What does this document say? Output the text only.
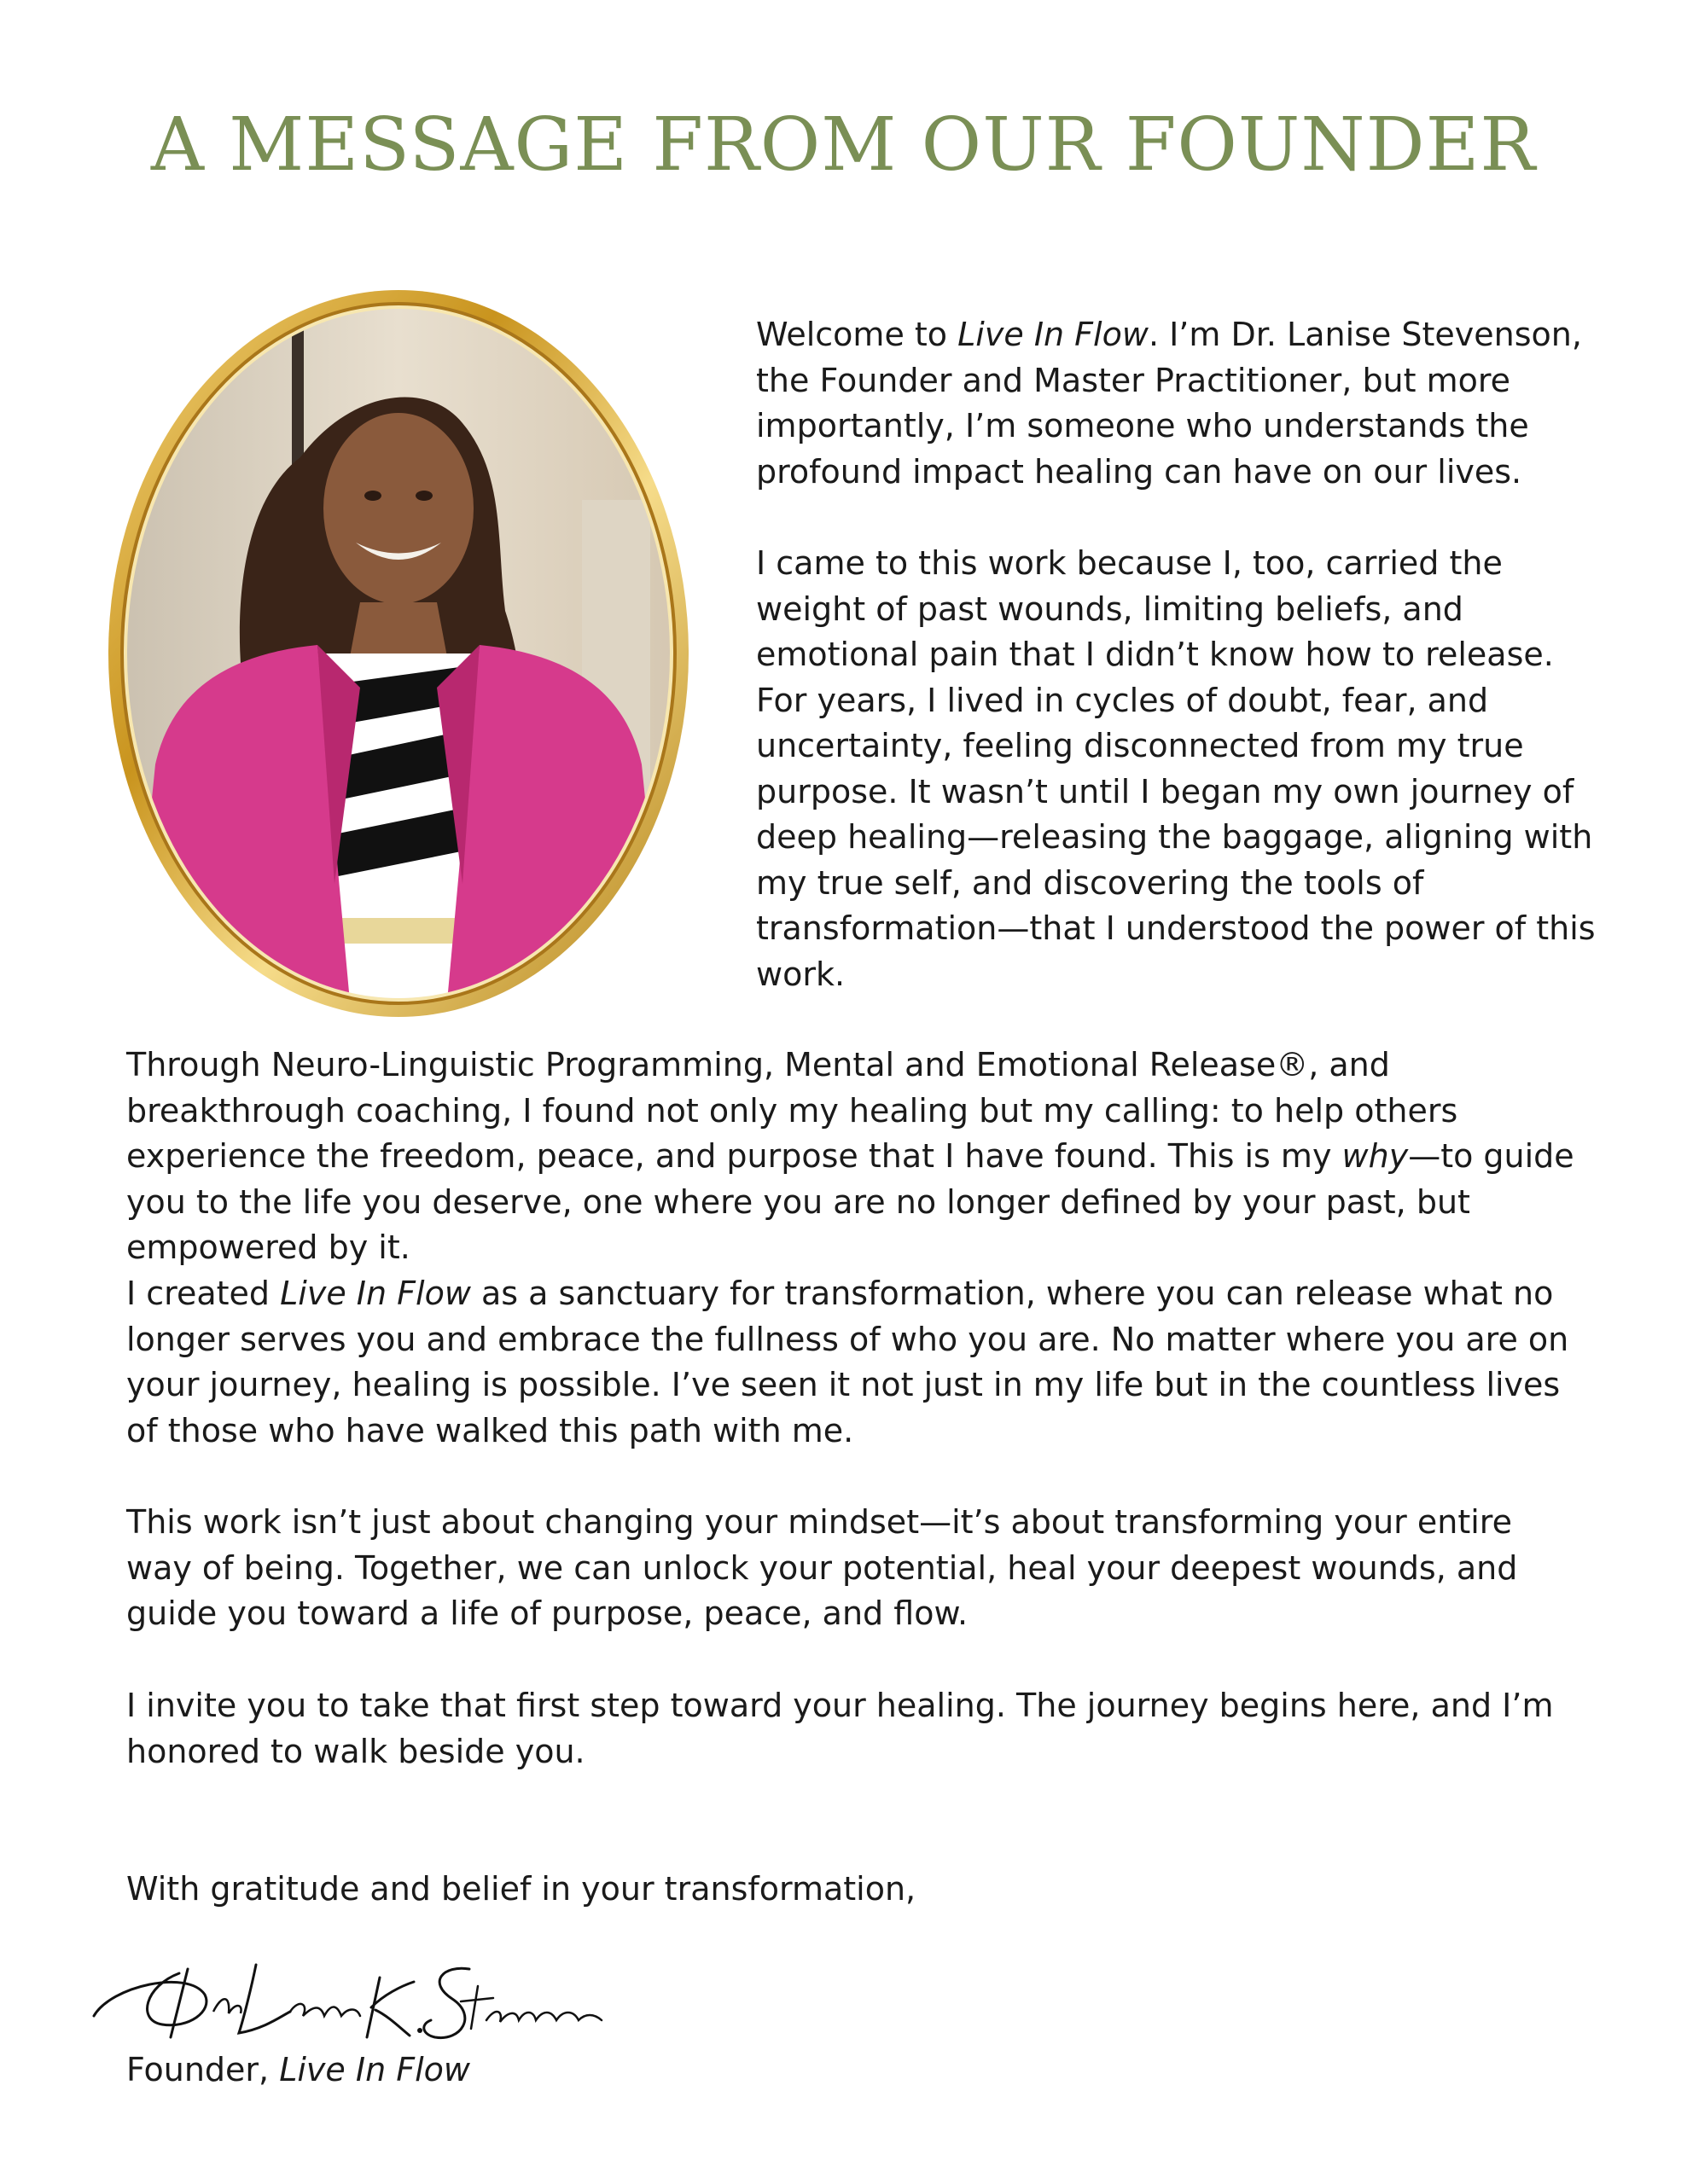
A MESSAGE FROM OUR FOUNDER

Welcome to Live In Flow. I’m Dr. Lanise Stevenson, the Founder and Master Practitioner, but more importantly, I’m someone who understands the profound impact healing can have on our lives.

I came to this work because I, too, carried the weight of past wounds, limiting beliefs, and emotional pain that I didn’t know how to release. For years, I lived in cycles of doubt, fear, and uncertainty, feeling disconnected from my true purpose. It wasn’t until I began my own journey of deep healing—releasing the baggage, aligning with my true self, and discovering the tools of transformation—that I understood the power of this work.

Through Neuro-Linguistic Programming, Mental and Emotional Release®, and breakthrough coaching, I found not only my healing but my calling: to help others experience the freedom, peace, and purpose that I have found. This is my why—to guide you to the life you deserve, one where you are no longer defined by your past, but empowered by it.

I created Live In Flow as a sanctuary for transformation, where you can release what no longer serves you and embrace the fullness of who you are. No matter where you are on your journey, healing is possible. I’ve seen it not just in my life but in the countless lives of those who have walked this path with me.

This work isn’t just about changing your mindset—it’s about transforming your entire way of being. Together, we can unlock your potential, heal your deepest wounds, and guide you toward a life of purpose, peace, and flow.

I invite you to take that first step toward your healing. The journey begins here, and I’m honored to walk beside you.

With gratitude and belief in your transformation,

Founder, Live In Flow
